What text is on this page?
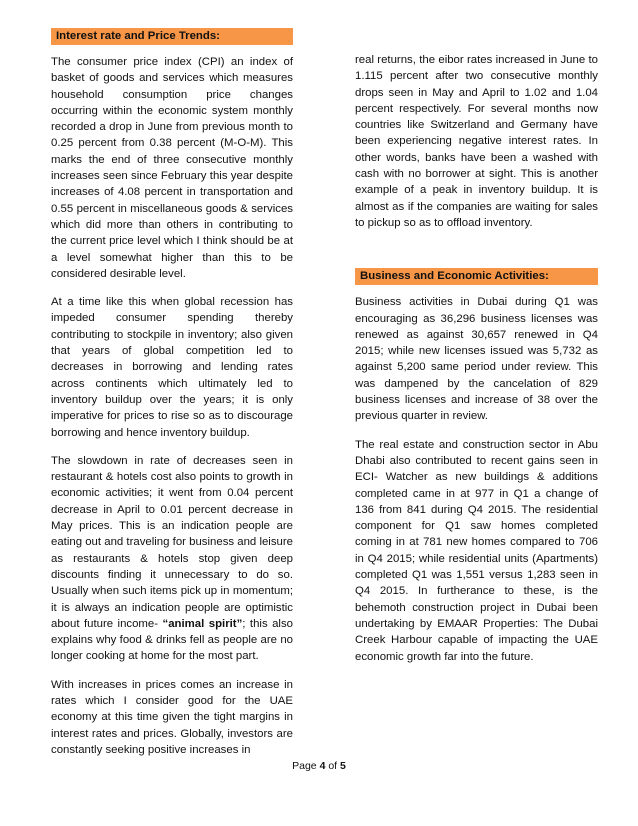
Interest rate and Price Trends:

The consumer price index (CPI) an index of basket of goods and services which measures household consumption price changes occurring within the economic system monthly recorded a drop in June from previous month to 0.25 percent from 0.38 percent (M-O-M). This marks the end of three consecutive monthly increases seen since February this year despite increases of 4.08 percent in transportation and 0.55 percent in miscellaneous goods & services which did more than others in contributing to the current price level which I think should be at a level somewhat higher than this to be considered desirable level.

At a time like this when global recession has impeded consumer spending thereby contributing to stockpile in inventory; also given that years of global competition led to decreases in borrowing and lending rates across continents which ultimately led to inventory buildup over the years; it is only imperative for prices to rise so as to discourage borrowing and hence inventory buildup.

The slowdown in rate of decreases seen in restaurant & hotels cost also points to growth in economic activities; it went from 0.04 percent decrease in April to 0.01 percent decrease in May prices. This is an indication people are eating out and traveling for business and leisure as restaurants & hotels stop given deep discounts finding it unnecessary to do so. Usually when such items pick up in momentum; it is always an indication people are optimistic about future income- “animal spirit”; this also explains why food & drinks fell as people are no longer cooking at home for the most part.

With increases in prices comes an increase in rates which I consider good for the UAE economy at this time given the tight margins in interest rates and prices. Globally, investors are constantly seeking positive increases in

real returns, the eibor rates increased in June to 1.115 percent after two consecutive monthly drops seen in May and April to 1.02 and 1.04 percent respectively. For several months now countries like Switzerland and Germany have been experiencing negative interest rates. In other words, banks have been a washed with cash with no borrower at sight. This is another example of a peak in inventory buildup. It is almost as if the companies are waiting for sales to pickup so as to offload inventory.

Business and Economic Activities:

Business activities in Dubai during Q1 was encouraging as 36,296 business licenses was renewed as against 30,657 renewed in Q4 2015; while new licenses issued was 5,732 as against 5,200 same period under review. This was dampened by the cancelation of 829 business licenses and increase of 38 over the previous quarter in review.

The real estate and construction sector in Abu Dhabi also contributed to recent gains seen in ECI- Watcher as new buildings & additions completed came in at 977 in Q1 a change of 136 from 841 during Q4 2015. The residential component for Q1 saw homes completed coming in at 781 new homes compared to 706 in Q4 2015; while residential units (Apartments) completed Q1 was 1,551 versus 1,283 seen in Q4 2015. In furtherance to these, is the behemoth construction project in Dubai been undertaking by EMAAR Properties: The Dubai Creek Harbour capable of impacting the UAE economic growth far into the future.

Page 4 of 5
